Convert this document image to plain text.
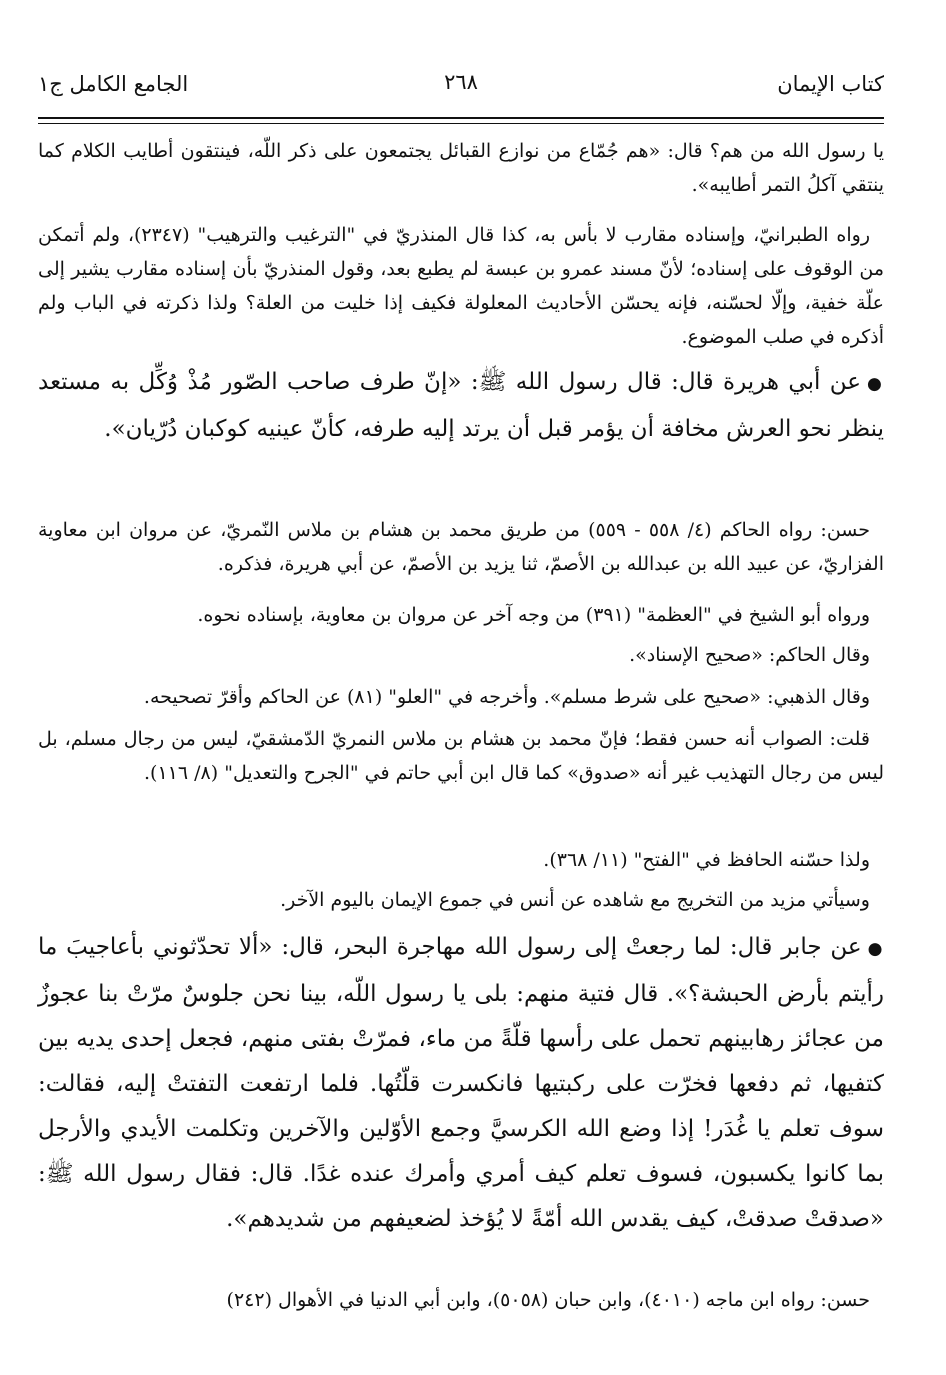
كتاب الإيمان
الجامع الكامل ج١	٢٦٨

يا رسول الله من هم؟ قال: «هم جُمّاع من نوازع القبائل يجتمعون على ذكر اللّه، فينتقون أطايب الكلام كما ينتقي آكلُ التمر أطايبه».

رواه الطبرانيّ، وإسناده مقارب لا بأس به، كذا قال المنذريّ في "الترغيب والترهيب" (٢٣٤٧)، ولم أتمكن من الوقوف على إسناده؛ لأنّ مسند عمرو بن عبسة لم يطبع بعد، وقول المنذريّ بأن إسناده مقارب يشير إلى علّة خفية، وإلّا لحسّنه، فإنه يحسّن الأحاديث المعلولة فكيف إذا خليت من العلة؟ ولذا ذكرته في الباب ولم أذكره في صلب الموضوع.

●عن أبي هريرة قال: قال رسول الله ﷺ: «إنّ طرف صاحب الصّور مُذْ وُكِّل به مستعد ينظر نحو العرش مخافة أن يؤمر قبل أن يرتد إليه طرفه، كأنّ عينيه كوكبان دُرّيان».

حسن: رواه الحاكم (٤/ ٥٥٨ - ٥٥٩) من طريق محمد بن هشام بن ملاس النّمريّ، عن مروان ابن معاوية الفزاريّ، عن عبيد الله بن عبدالله بن الأصمّ، ثنا يزيد بن الأصمّ، عن أبي هريرة، فذكره.

ورواه أبو الشيخ في "العظمة" (٣٩١) من وجه آخر عن مروان بن معاوية، بإسناده نحوه.

وقال الحاكم: «صحيح الإسناد».

وقال الذهبي: «صحيح على شرط مسلم». وأخرجه في "العلو" (٨١) عن الحاكم وأقرّ تصحيحه.

قلت: الصواب أنه حسن فقط؛ فإنّ محمد بن هشام بن ملاس النمريّ الدّمشقيّ، ليس من رجال مسلم، بل ليس من رجال التهذيب غير أنه «صدوق» كما قال ابن أبي حاتم في "الجرح والتعديل" (٨/ ١١٦).

ولذا حسّنه الحافظ في "الفتح" (١١/ ٣٦٨).

وسيأتي مزيد من التخريج مع شاهده عن أنس في جموع الإيمان باليوم الآخر.

●عن جابر قال: لما رجعتْ إلى رسول الله مهاجرة البحر، قال: «ألا تحدّثوني بأعاجيبَ ما رأيتم بأرض الحبشة؟». قال فتية منهم: بلى يا رسول اللّه، بينا نحن جلوسٌ مرّتْ بنا عجوزٌ من عجائز رهابينهم تحمل على رأسها قلّةً من ماء، فمرّتْ بفتى منهم، فجعل إحدى يديه بين كتفيها، ثم دفعها فخرّت على ركبتيها فانكسرت قلّتُها. فلما ارتفعت التفتتْ إليه، فقالت: سوف تعلم يا غُدَر! إذا وضع الله الكرسيَّ وجمع الأوّلين والآخرين وتكلمت الأيدي والأرجل بما كانوا يكسبون، فسوف تعلم كيف أمري وأمرك عنده غدًا. قال: فقال رسول الله ﷺ: «صدقتْ صدقتْ، كيف يقدس الله أمّةً لا يُؤخذ لضعيفهم من شديدهم».

حسن: رواه ابن ماجه (٤٠١٠)، وابن حبان (٥٠٥٨)، وابن أبي الدنيا في الأهوال (٢٤٢)
